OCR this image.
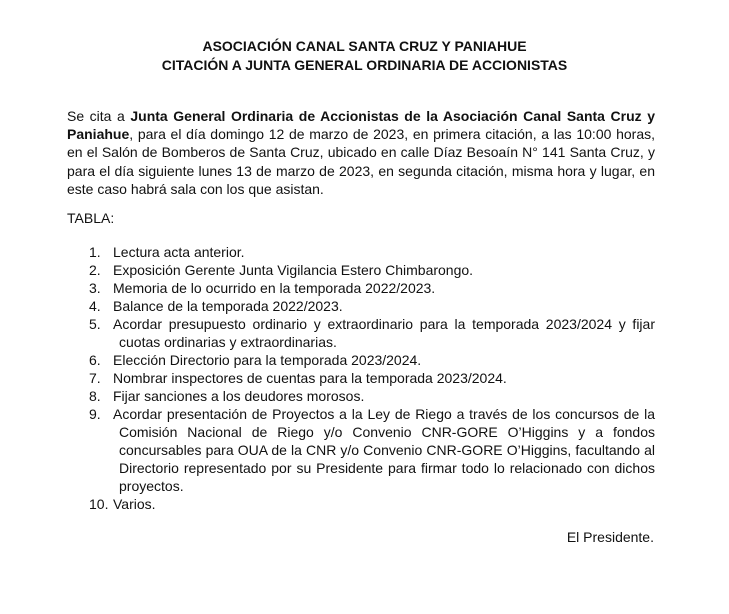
ASOCIACIÓN CANAL SANTA CRUZ Y PANIAHUE
CITACIÓN A JUNTA GENERAL ORDINARIA DE ACCIONISTAS

Se cita a Junta General Ordinaria de Accionistas de la Asociación Canal Santa Cruz y Paniahue, para el día domingo 12 de marzo de 2023, en primera citación, a las 10:00 horas, en el Salón de Bomberos de Santa Cruz, ubicado en calle Díaz Besoaín N° 141 Santa Cruz, y para el día siguiente lunes 13 de marzo de 2023, en segunda citación, misma hora y lugar, en este caso habrá sala con los que asistan.

TABLA:

1. Lectura acta anterior.
2. Exposición Gerente Junta Vigilancia Estero Chimbarongo.
3. Memoria de lo ocurrido en la temporada 2022/2023.
4. Balance de la temporada 2022/2023.
5. Acordar presupuesto ordinario y extraordinario para la temporada 2023/2024 y fijar cuotas ordinarias y extraordinarias.
6. Elección Directorio para la temporada 2023/2024.
7. Nombrar inspectores de cuentas para la temporada 2023/2024.
8. Fijar sanciones a los deudores morosos.
9. Acordar presentación de Proyectos a la Ley de Riego a través de los concursos de la Comisión Nacional de Riego y/o Convenio CNR-GORE O’Higgins y a fondos concursables para OUA de la CNR y/o Convenio CNR-GORE O’Higgins, facultando al Directorio representado por su Presidente para firmar todo lo relacionado con dichos proyectos.
10. Varios.

El Presidente.
